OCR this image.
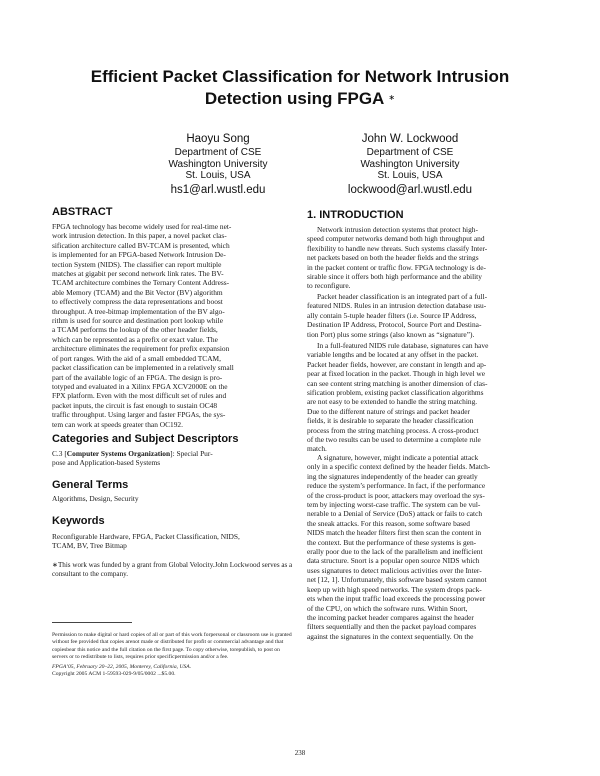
Efficient Packet Classification for Network Intrusion
Detection using FPGA ∗
Haoyu Song
Department of CSE
Washington University
St. Louis, USA
hs1@arl.wustl.edu
John W. Lockwood
Department of CSE
Washington University
St. Louis, USA
lockwood@arl.wustl.edu
ABSTRACT
FPGA technology has become widely used for real-time net-
work intrusion detection. In this paper, a novel packet clas-
sification architecture called BV-TCAM is presented, which
is implemented for an FPGA-based Network Intrusion De-
tection System (NIDS). The classifier can report multiple
matches at gigabit per second network link rates. The BV-
TCAM architecture combines the Ternary Content Address-
able Memory (TCAM) and the Bit Vector (BV) algorithm
to effectively compress the data representations and boost
throughput. A tree-bitmap implementation of the BV algo-
rithm is used for source and destination port lookup while
a TCAM performs the lookup of the other header fields,
which can be represented as a prefix or exact value. The
architecture eliminates the requirement for prefix expansion
of port ranges. With the aid of a small embedded TCAM,
packet classification can be implemented in a relatively small
part of the available logic of an FPGA. The design is pro-
totyped and evaluated in a Xilinx FPGA XCV2000E on the
FPX platform. Even with the most difficult set of rules and
packet inputs, the circuit is fast enough to sustain OC48
traffic throughput. Using larger and faster FPGAs, the sys-
tem can work at speeds greater than OC192.
Categories and Subject Descriptors
C.3 [Computer Systems Organization]: Special Pur-
pose and Application-based Systems
General Terms
Algorithms, Design, Security
Keywords
Reconfigurable Hardware, FPGA, Packet Classification, NIDS,
TCAM, BV, Tree Bitmap
∗This work was funded by a grant from Global Velocity.John Lockwood serves as a consultant to the company.
Permission to make digital or hard copies of all or part of this work forpersonal or classroom use is granted without fee provided that copies arenot made or distributed for profit or commercial advantage and that copiesbear this notice and the full citation on the first page. To copy otherwise, torepublish, to post on servers or to redistribute to lists, requires prior specificpermission and/or a fee.
FPGA’05, February 20–22, 2005, Monterey, California, USA.
Copyright 2005 ACM 1-59593-029-9/05/0002 ...$5.00.
1. INTRODUCTION
Network intrusion detection systems that protect high-
speed computer networks demand both high throughput and
flexibility to handle new threats. Such systems classify Inter-
net packets based on both the header fields and the strings
in the packet content or traffic flow. FPGA technology is de-
sirable since it offers both high performance and the ability
to reconfigure.
Packet header classification is an integrated part of a full-
featured NIDS. Rules in an intrusion detection database usu-
ally contain 5-tuple header filters (i.e. Source IP Address,
Destination IP Address, Protocol, Source Port and Destina-
tion Port) plus some strings (also known as “signature”).
In a full-featured NIDS rule database, signatures can have
variable lengths and be located at any offset in the packet.
Packet header fields, however, are constant in length and ap-
pear at fixed location in the packet. Though in high level we
can see content string matching is another dimension of clas-
sification problem, existing packet classification algorithms
are not easy to be extended to handle the string matching.
Due to the different nature of strings and packet header
fields, it is desirable to separate the header classification
process from the string matching process. A cross-product
of the two results can be used to determine a complete rule
match.
A signature, however, might indicate a potential attack
only in a specific context defined by the header fields. Match-
ing the signatures independently of the header can greatly
reduce the system’s performance. In fact, if the performance
of the cross-product is poor, attackers may overload the sys-
tem by injecting worst-case traffic. The system can be vul-
nerable to a Denial of Service (DoS) attack or fails to catch
the sneak attacks. For this reason, some software based
NIDS match the header filters first then scan the content in
the context. But the performance of these systems is gen-
erally poor due to the lack of the parallelism and inefficient
data structure. Snort is a popular open source NIDS which
uses signatures to detect malicious activities over the Inter-
net [12, 1]. Unfortunately, this software based system cannot
keep up with high speed networks. The system drops pack-
ets when the input traffic load exceeds the processing power
of the CPU, on which the software runs. Within Snort,
the incoming packet header compares against the header
filters sequentially and then the packet payload compares
against the signatures in the context sequentially. On the
238
